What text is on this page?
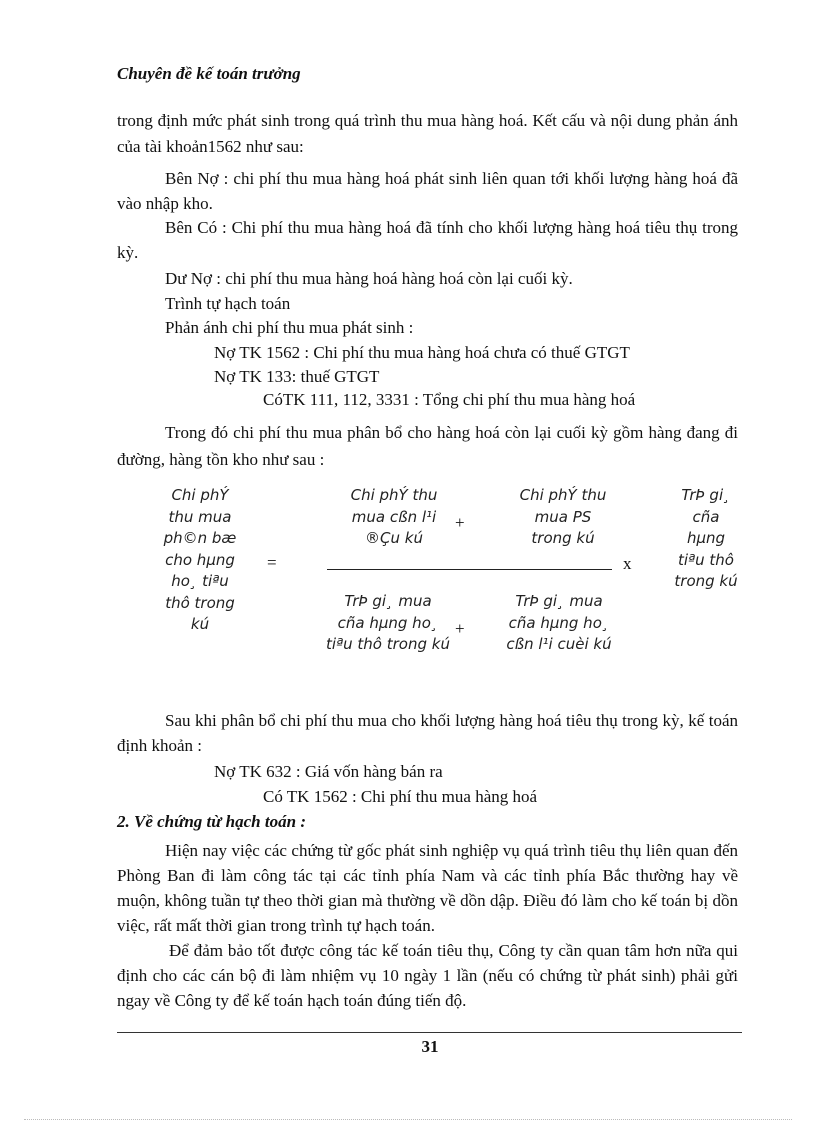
Chuyên đề kế toán trưởng
trong định mức phát sinh trong quá trình thu mua hàng hoá. Kết cấu và nội dung phản ánh của tài khoản1562 như sau:
Bên Nợ : chi phí thu mua hàng hoá phát sinh liên quan tới khối lượng hàng hoá đã vào nhập kho.
Bên Có : Chi phí thu mua hàng hoá đã tính cho khối lượng hàng hoá tiêu thụ trong kỳ.
Dư Nợ : chi phí thu mua hàng hoá hàng hoá còn lại cuối kỳ.
Trình tự hạch toán
Phản ánh chi phí thu mua phát sinh :
Nợ TK 1562 : Chi phí thu mua hàng hoá chưa có thuế GTGT
Nợ TK 133: thuế GTGT
CóTK 111, 112, 3331 : Tổng chi phí thu mua hàng hoá
Trong đó chi phí thu mua phân bổ cho hàng hoá còn lại cuối kỳ gồm hàng đang đi đường, hàng tồn kho như sau :
Chi phÝ
thu mua
ph©n bæ
cho hµng
ho¸ tiªu
thô trong
kú
=
Chi phÝ thu
mua cßn l¹i
®Çu kú
+
Chi phÝ thu
mua PS
trong kú
x
TrÞ gi¸
cña
hµng
tiªu thô
trong kú
TrÞ gi¸ mua
cña hµng ho¸
tiªu thô trong kú
+
TrÞ gi¸ mua
cña hµng ho¸
cßn l¹i cuèi kú
Sau khi phân bổ chi phí thu mua cho khối lượng hàng hoá tiêu thụ trong kỳ, kế toán định khoản :
Nợ TK 632 : Giá vốn hàng bán ra
Có TK 1562 : Chi phí thu mua hàng hoá
2. Về chứng từ hạch toán :
Hiện nay việc các chứng từ gốc phát sinh nghiệp vụ quá trình tiêu thụ liên quan đến Phòng Ban đi làm công tác tại các tỉnh phía Nam và các tỉnh phía Bắc thường hay về muộn, không tuần tự theo thời gian mà thường về dồn dập. Điều đó làm cho kế toán bị dồn việc, rất mất thời gian trong trình tự hạch toán.
Để đảm bảo tốt được công tác kế toán tiêu thụ, Công ty cần quan tâm hơn nữa qui định cho các cán bộ đi làm nhiệm vụ 10 ngày 1 lần (nếu có chứng từ phát sinh) phải gửi ngay về Công ty để kế toán hạch toán đúng tiến độ.
31
